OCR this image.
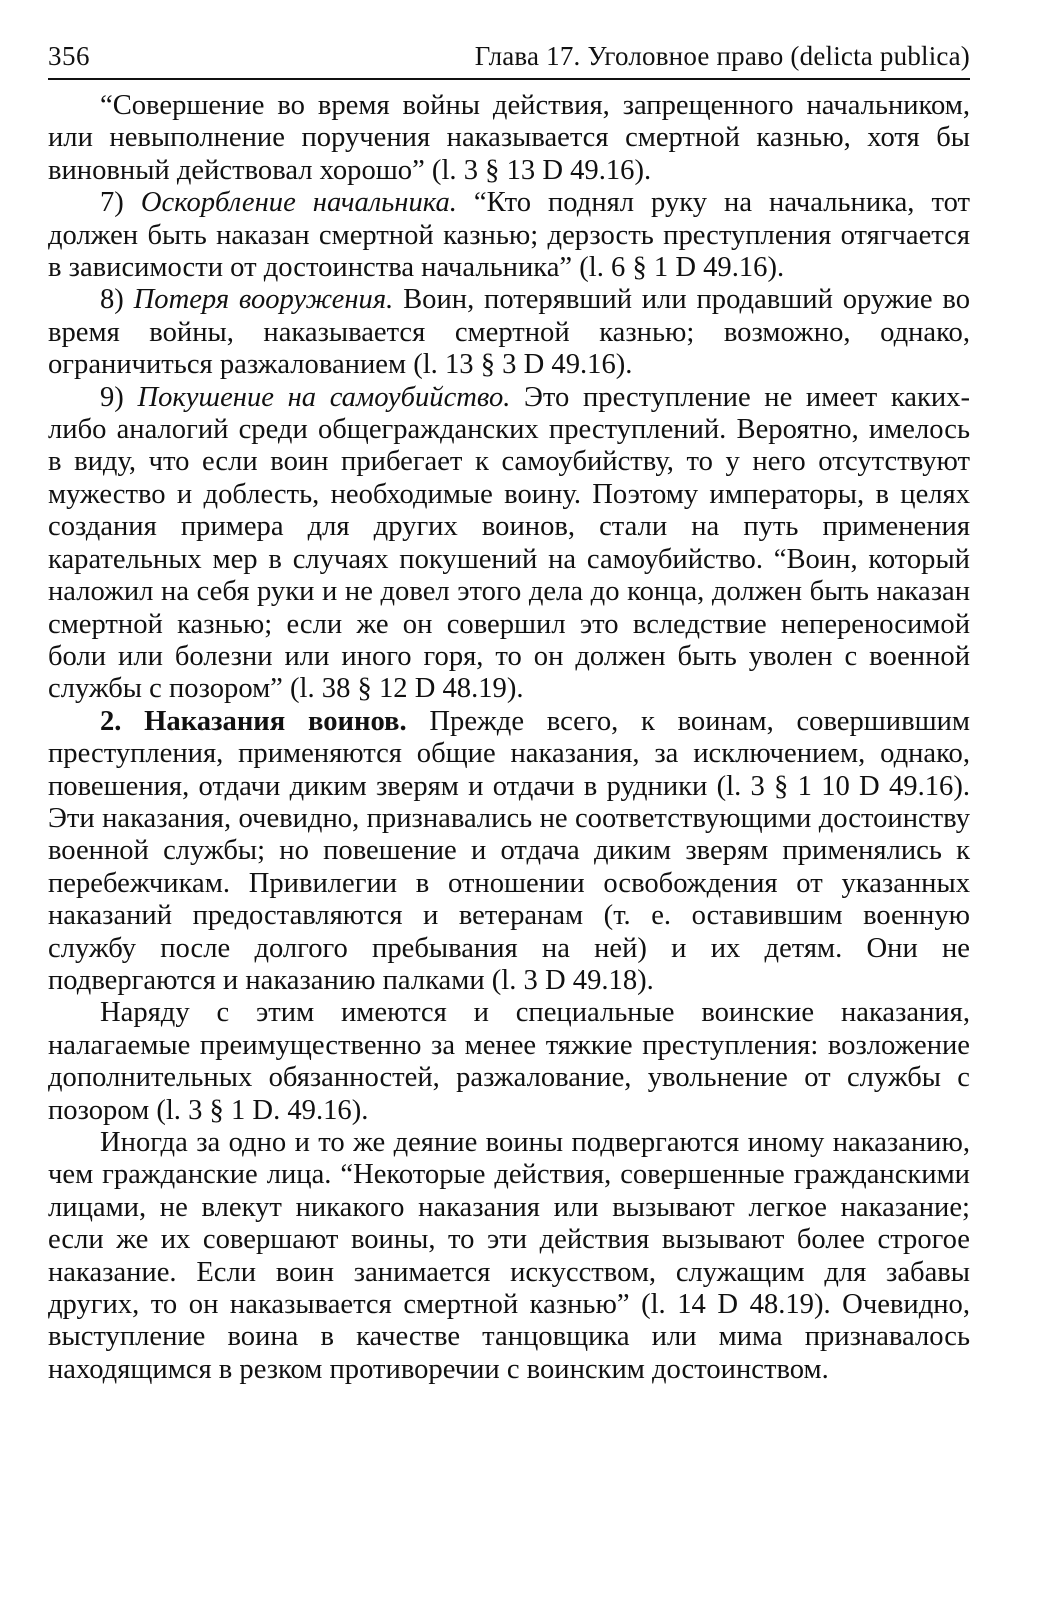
356	Глава 17. Уголовное право (delicta publica)

“Совершение во время войны действия, запрещенного начальником, или невыполнение поручения наказывается смертной казнью, хотя бы виновный действовал хорошо” (l. 3 § 13 D 49.16).

7) Оскорбление начальника. “Кто поднял руку на начальника, тот должен быть наказан смертной казнью; дерзость преступления отягчается в зависимости от достоинства начальника” (l. 6 § 1 D 49.16).

8) Потеря вооружения. Воин, потерявший или продавший оружие во время войны, наказывается смертной казнью; возможно, однако, ограничиться разжалованием (l. 13 § 3 D 49.16).

9) Покушение на самоубийство. Это преступление не имеет каких-либо аналогий среди общегражданских преступлений. Вероятно, имелось в виду, что если воин прибегает к самоубийству, то у него отсутствуют мужество и доблесть, необходимые воину. Поэтому императоры, в целях создания примера для других воинов, стали на путь применения карательных мер в случаях покушений на самоубийство. “Воин, который наложил на себя руки и не довел этого дела до конца, должен быть наказан смертной казнью; если же он совершил это вследствие непереносимой боли или болезни или иного горя, то он должен быть уволен с военной службы с позором” (l. 38 § 12 D 48.19).

2. Наказания воинов. Прежде всего, к воинам, совершившим преступления, применяются общие наказания, за исключением, однако, повешения, отдачи диким зверям и отдачи в рудники (l. 3 § 1 10 D 49.16). Эти наказания, очевидно, признавались не соответствующими достоинству военной службы; но повешение и отдача диким зверям применялись к перебежчикам. Привилегии в отношении освобождения от указанных наказаний предоставляются и ветеранам (т. е. оставившим военную службу после долгого пребывания на ней) и их детям. Они не подвергаются и наказанию палками (l. 3 D 49.18).

Наряду с этим имеются и специальные воинские наказания, налагаемые преимущественно за менее тяжкие преступления: возложение дополнительных обязанностей, разжалование, увольнение от службы с позором (l. 3 § 1 D. 49.16).

Иногда за одно и то же деяние воины подвергаются иному наказанию, чем гражданские лица. “Некоторые действия, совершенные гражданскими лицами, не влекут никакого наказания или вызывают легкое наказание; если же их совершают воины, то эти действия вызывают более строгое наказание. Если воин занимается искусством, служащим для забавы других, то он наказывается смертной казнью” (l. 14 D 48.19). Очевидно, выступление воина в качестве танцовщика или мима признавалось находящимся в резком противоречии с воинским достоинством.
